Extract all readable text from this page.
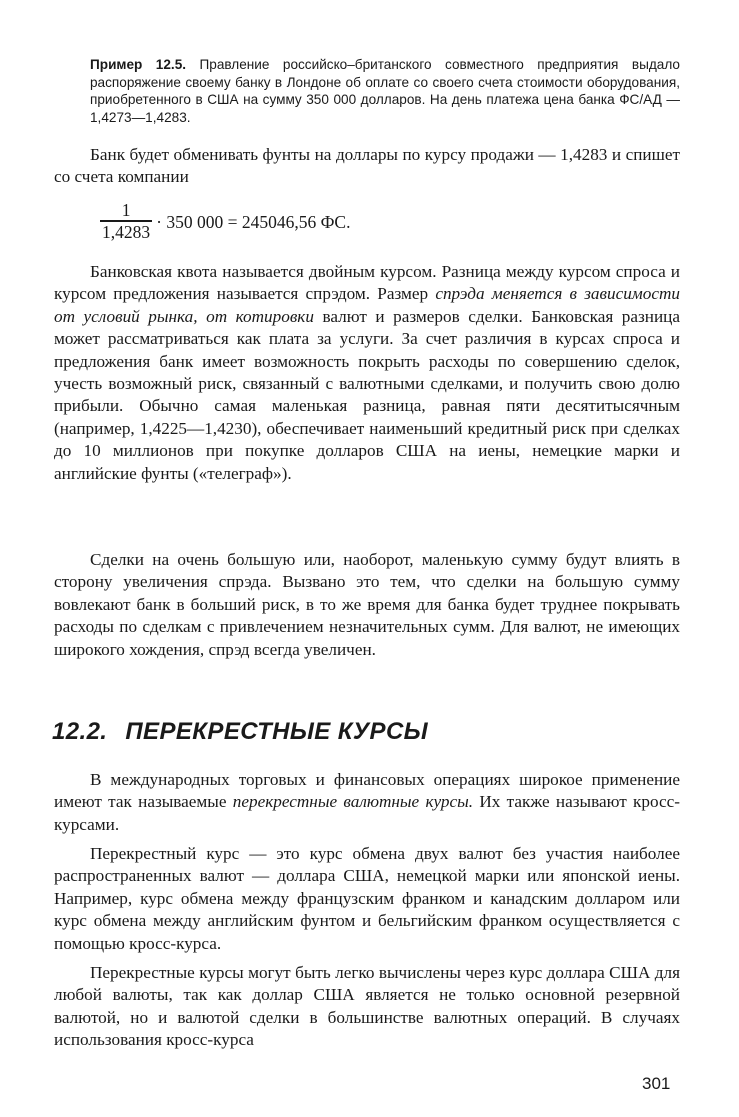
Пример 12.5. Правление российско–британского совместного предприятия выдало распоряжение своему банку в Лондоне об оплате со своего счета стоимости оборудования, приобретенного в США на сумму 350 000 долларов. На день платежа цена банка ФС/АД — 1,4273—1,4283.

Банк будет обменивать фунты на доллары по курсу продажи — 1,4283 и спишет со счета компании

$\frac{1}{1,4283} \cdot 350$ 000 = 245046,56 ФС.

Банковская квота называется двойным курсом. Разница между курсом спроса и курсом предложения называется спрэдом. Размер спрэда меняется в зависимости от условий рынка, от котировки валют и размеров сделки. Банковская разница может рассматриваться как плата за услуги. За счет различия в курсах спроса и предложения банк имеет возможность покрыть расходы по совершению сделок, учесть возможный риск, связанный с валютными сделками, и получить свою долю прибыли. Обычно самая маленькая разница, равная пяти десятитысячным (например, 1,4225—1,4230), обеспечивает наименьший кредитный риск при сделках до 10 миллионов при покупке долларов США на иены, немецкие марки и английские фунты («телеграф»).

Сделки на очень большую или, наоборот, маленькую сумму будут влиять в сторону увеличения спрэда. Вызвано это тем, что сделки на большую сумму вовлекают банк в больший риск, в то же время для банка будет труднее покрывать расходы по сделкам с привлечением незначительных сумм. Для валют, не имеющих широкого хождения, спрэд всегда увеличен.

12.2. ПЕРЕКРЕСТНЫЕ КУРСЫ

В международных торговых и финансовых операциях широкое применение имеют так называемые перекрестные валютные курсы. Их также называют кросс-курсами.

Перекрестный курс — это курс обмена двух валют без участия наиболее распространенных валют — доллара США, немецкой марки или японской иены. Например, курс обмена между французским франком и канадским долларом или курс обмена между английским фунтом и бельгийским франком осуществляется с помощью кросс-курса.

Перекрестные курсы могут быть легко вычислены через курс доллара США для любой валюты, так как доллар США является не только основной резервной валютой, но и валютой сделки в большинстве валютных операций. В случаях использования кросс-курса

301
